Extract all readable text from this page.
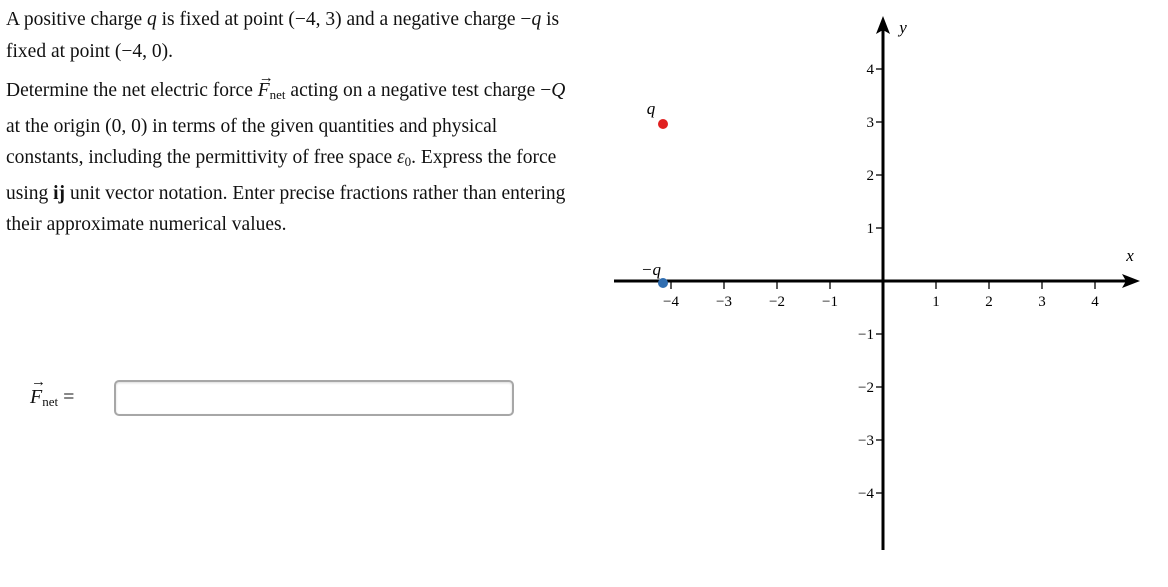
A positive charge q is fixed at point (−4, 3) and a negative charge −q is fixed at point (−4, 0).

Determine the net electric force
→
$F_{net}$ acting on a negative test charge −Q at the origin (0, 0) in terms of the given quantities and physical constants, including the permittivity of free space $\varepsilon_0$. Express the force using ij unit vector notation. Enter precise fractions rather than entering their approximate numerical values.

→
$F_{net}$ =
x
y
−4 −3 −2 −1	1	2	3	4
4
3
2
1
−1
−2
−3
−4
q
−q
